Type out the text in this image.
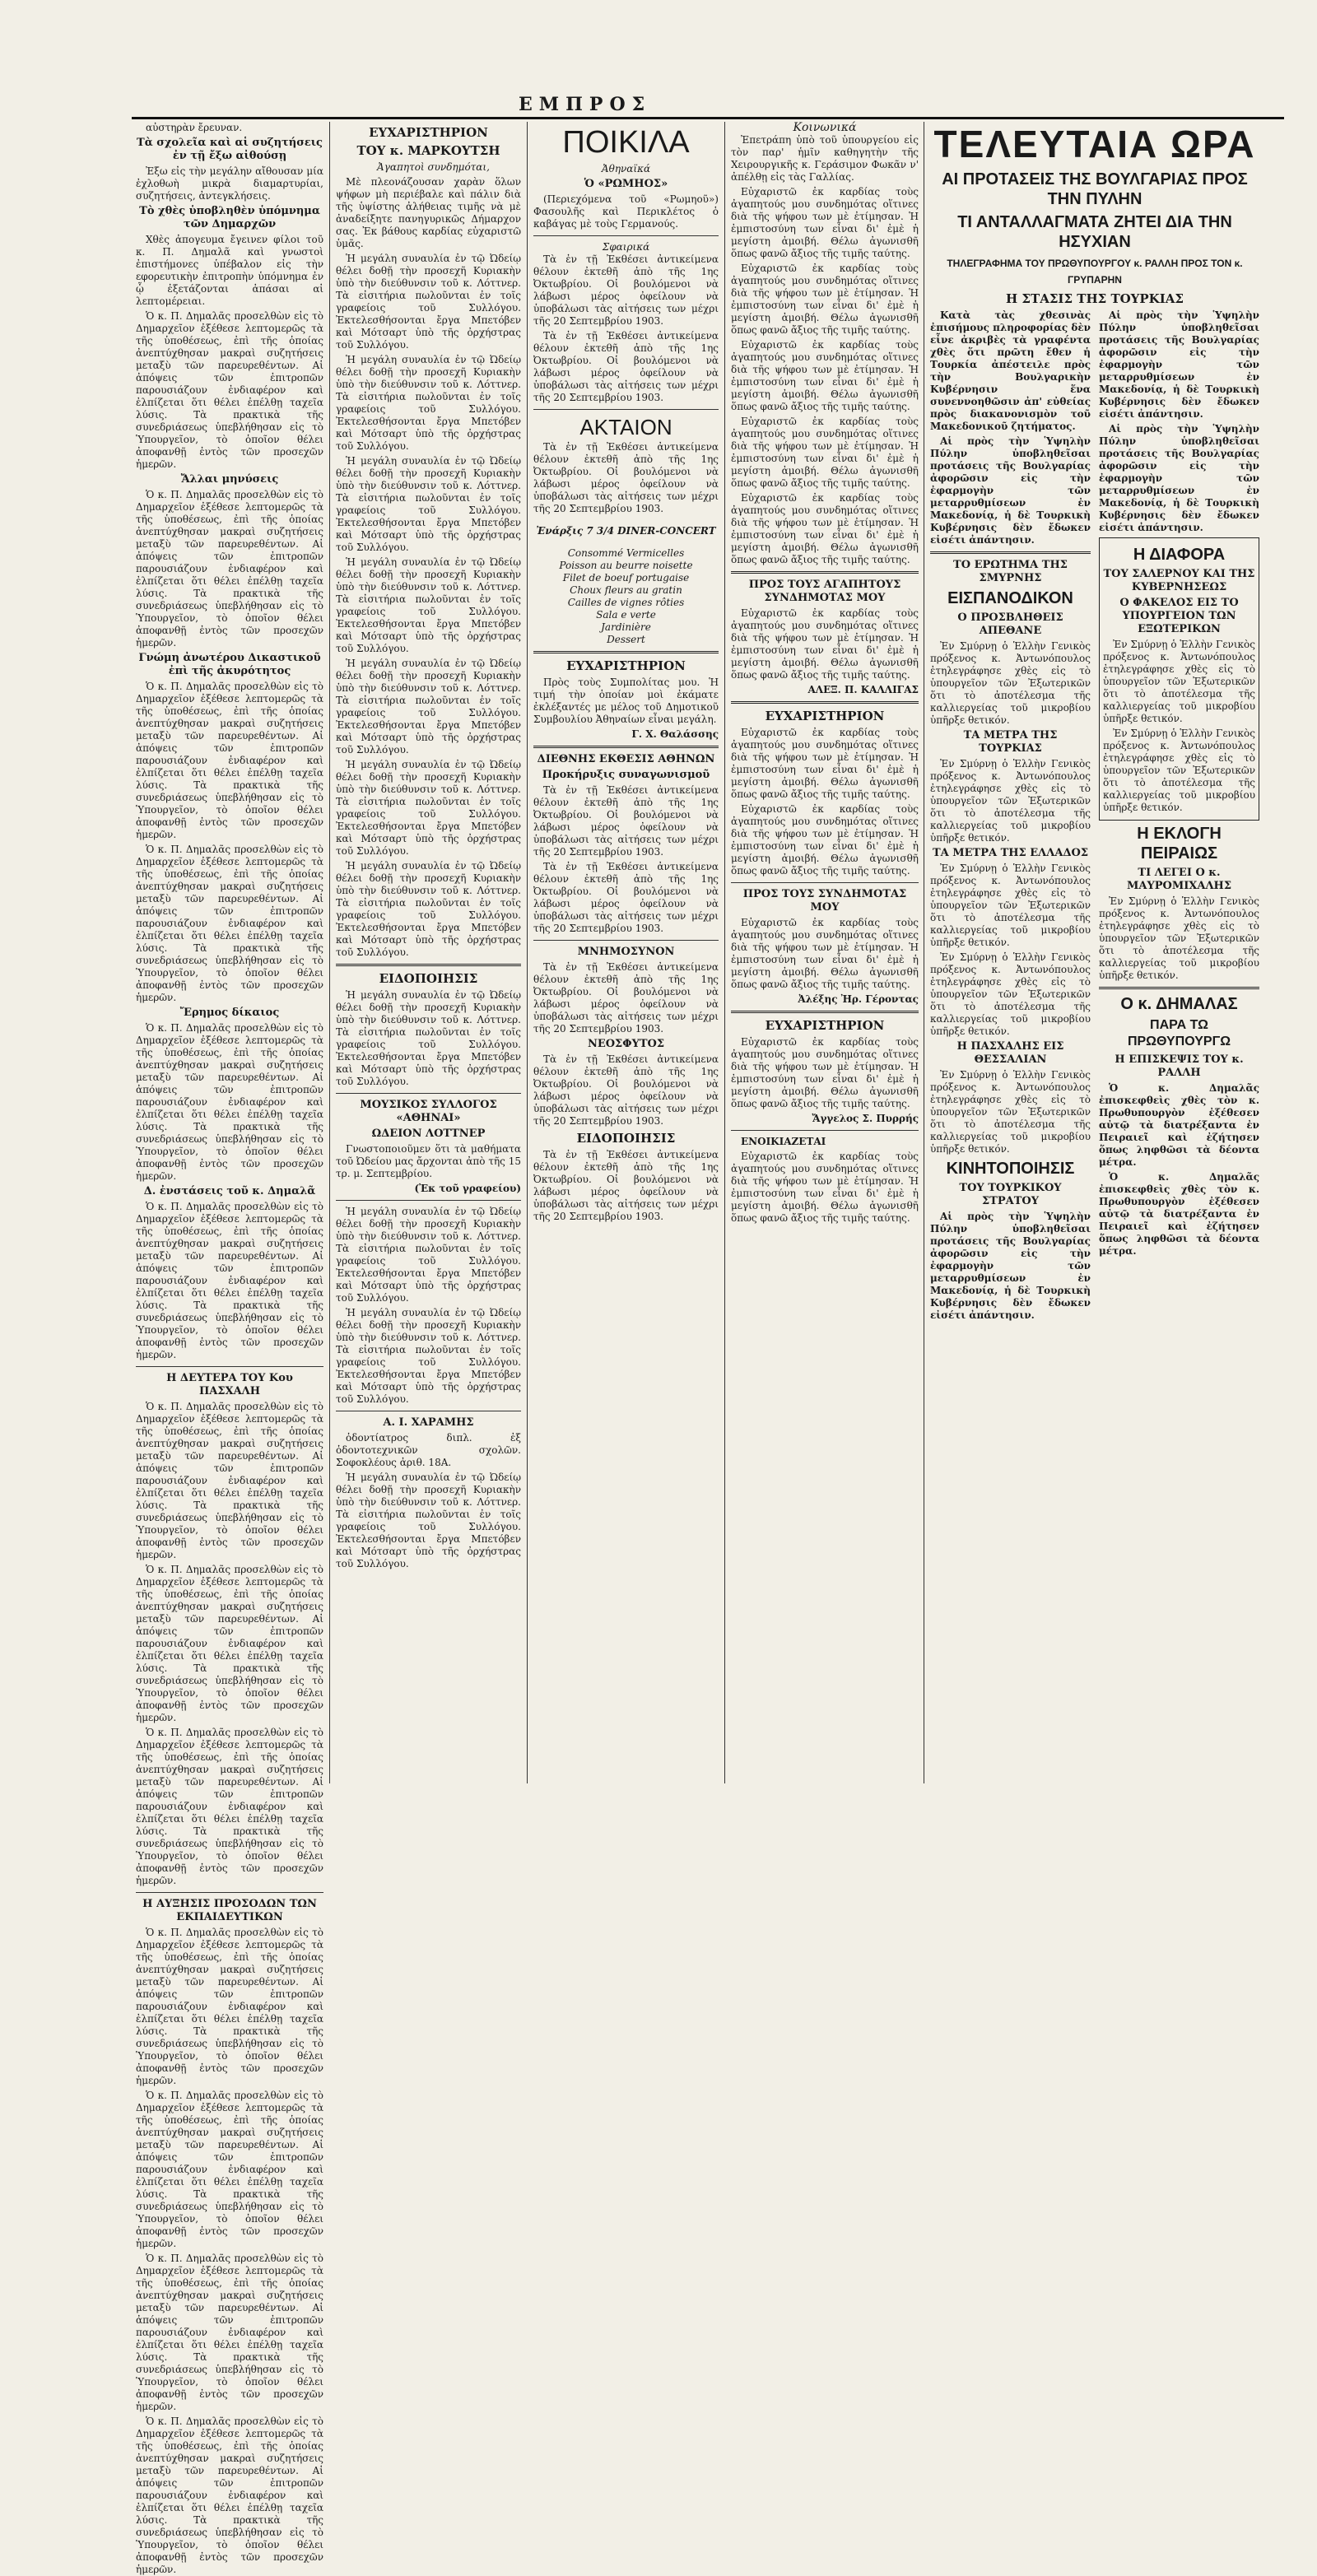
ΕΜΠΡΟΣ

αὐστηρὰν ἔρευναν.

Τὰ σχολεῖα καὶ αἱ συζητήσεις ἐν τῇ ἔξω αἰθούσῃ

Ἐξω εἰς τὴν μεγάλην αἴθουσαν μία ἐχλοθωὴ μικρὰ διαμαρτυρίαι, συζητήσεις, ἀντεγκλήσεις.

Τὸ χθὲς ὑποβληθὲν ὑπόμνημα τῶν Δημαρχῶν

Χθὲς ἀπογευμα ἔγεινεν φίλοι τοῦ κ. Π. Δημαλᾶ καὶ γνωστοὶ ἐπιστήμονες ὑπέβαλον εἰς τὴν εφορευτικὴν ἐπιτροπὴν ὑπόμνημα ἐν ᾧ ἐξετάζονται ἁπάσαι αἱ λεπτομέρειαι.

Ὁ κ. Π. Δημαλᾶς προσελθὼν εἰς τὸ Δημαρχεῖον ἐξέθεσε λεπτομερῶς τὰ τῆς ὑποθέσεως, ἐπὶ τῆς ὁποίας ἀνεπτύχθησαν μακραὶ συζητήσεις μεταξὺ τῶν παρευρεθέντων. Αἱ ἀπόψεις τῶν ἐπιτροπῶν παρουσιάζουν ἐνδιαφέρον καὶ ἐλπίζεται ὅτι θέλει ἐπέλθῃ ταχεῖα λύσις. Τὰ πρακτικὰ τῆς συνεδριάσεως ὑπεβλήθησαν εἰς τὸ Ὑπουργεῖον, τὸ ὁποῖον θέλει ἀποφανθῇ ἐντὸς τῶν προσεχῶν ἡμερῶν.

Ἄλλαι μηνύσεις

Ὁ κ. Π. Δημαλᾶς προσελθὼν εἰς τὸ Δημαρχεῖον ἐξέθεσε λεπτομερῶς τὰ τῆς ὑποθέσεως, ἐπὶ τῆς ὁποίας ἀνεπτύχθησαν μακραὶ συζητήσεις μεταξὺ τῶν παρευρεθέντων. Αἱ ἀπόψεις τῶν ἐπιτροπῶν παρουσιάζουν ἐνδιαφέρον καὶ ἐλπίζεται ὅτι θέλει ἐπέλθῃ ταχεῖα λύσις. Τὰ πρακτικὰ τῆς συνεδριάσεως ὑπεβλήθησαν εἰς τὸ Ὑπουργεῖον, τὸ ὁποῖον θέλει ἀποφανθῇ ἐντὸς τῶν προσεχῶν ἡμερῶν.

Γνώμη ἀνωτέρου Δικαστικοῦ ἐπὶ τῆς ἀκυρότητος

Ὁ κ. Π. Δημαλᾶς προσελθὼν εἰς τὸ Δημαρχεῖον ἐξέθεσε λεπτομερῶς τὰ τῆς ὑποθέσεως, ἐπὶ τῆς ὁποίας ἀνεπτύχθησαν μακραὶ συζητήσεις μεταξὺ τῶν παρευρεθέντων. Αἱ ἀπόψεις τῶν ἐπιτροπῶν παρουσιάζουν ἐνδιαφέρον καὶ ἐλπίζεται ὅτι θέλει ἐπέλθῃ ταχεῖα λύσις. Τὰ πρακτικὰ τῆς συνεδριάσεως ὑπεβλήθησαν εἰς τὸ Ὑπουργεῖον, τὸ ὁποῖον θέλει ἀποφανθῇ ἐντὸς τῶν προσεχῶν ἡμερῶν.

Ὁ κ. Π. Δημαλᾶς προσελθὼν εἰς τὸ Δημαρχεῖον ἐξέθεσε λεπτομερῶς τὰ τῆς ὑποθέσεως, ἐπὶ τῆς ὁποίας ἀνεπτύχθησαν μακραὶ συζητήσεις μεταξὺ τῶν παρευρεθέντων. Αἱ ἀπόψεις τῶν ἐπιτροπῶν παρουσιάζουν ἐνδιαφέρον καὶ ἐλπίζεται ὅτι θέλει ἐπέλθῃ ταχεῖα λύσις. Τὰ πρακτικὰ τῆς συνεδριάσεως ὑπεβλήθησαν εἰς τὸ Ὑπουργεῖον, τὸ ὁποῖον θέλει ἀποφανθῇ ἐντὸς τῶν προσεχῶν ἡμερῶν.

Ἔρημος δίκαιος

Ὁ κ. Π. Δημαλᾶς προσελθὼν εἰς τὸ Δημαρχεῖον ἐξέθεσε λεπτομερῶς τὰ τῆς ὑποθέσεως, ἐπὶ τῆς ὁποίας ἀνεπτύχθησαν μακραὶ συζητήσεις μεταξὺ τῶν παρευρεθέντων. Αἱ ἀπόψεις τῶν ἐπιτροπῶν παρουσιάζουν ἐνδιαφέρον καὶ ἐλπίζεται ὅτι θέλει ἐπέλθῃ ταχεῖα λύσις. Τὰ πρακτικὰ τῆς συνεδριάσεως ὑπεβλήθησαν εἰς τὸ Ὑπουργεῖον, τὸ ὁποῖον θέλει ἀποφανθῇ ἐντὸς τῶν προσεχῶν ἡμερῶν.

Δ. ἐνστάσεις τοῦ κ. Δημαλᾶ

Ὁ κ. Π. Δημαλᾶς προσελθὼν εἰς τὸ Δημαρχεῖον ἐξέθεσε λεπτομερῶς τὰ τῆς ὑποθέσεως, ἐπὶ τῆς ὁποίας ἀνεπτύχθησαν μακραὶ συζητήσεις μεταξὺ τῶν παρευρεθέντων. Αἱ ἀπόψεις τῶν ἐπιτροπῶν παρουσιάζουν ἐνδιαφέρον καὶ ἐλπίζεται ὅτι θέλει ἐπέλθῃ ταχεῖα λύσις. Τὰ πρακτικὰ τῆς συνεδριάσεως ὑπεβλήθησαν εἰς τὸ Ὑπουργεῖον, τὸ ὁποῖον θέλει ἀποφανθῇ ἐντὸς τῶν προσεχῶν ἡμερῶν.

Η ΔΕΥΤΕΡΑ ΤΟΥ Κου ΠΑΣΧΑΛΗ

Ὁ κ. Π. Δημαλᾶς προσελθὼν εἰς τὸ Δημαρχεῖον ἐξέθεσε λεπτομερῶς τὰ τῆς ὑποθέσεως, ἐπὶ τῆς ὁποίας ἀνεπτύχθησαν μακραὶ συζητήσεις μεταξὺ τῶν παρευρεθέντων. Αἱ ἀπόψεις τῶν ἐπιτροπῶν παρουσιάζουν ἐνδιαφέρον καὶ ἐλπίζεται ὅτι θέλει ἐπέλθῃ ταχεῖα λύσις. Τὰ πρακτικὰ τῆς συνεδριάσεως ὑπεβλήθησαν εἰς τὸ Ὑπουργεῖον, τὸ ὁποῖον θέλει ἀποφανθῇ ἐντὸς τῶν προσεχῶν ἡμερῶν.

Ὁ κ. Π. Δημαλᾶς προσελθὼν εἰς τὸ Δημαρχεῖον ἐξέθεσε λεπτομερῶς τὰ τῆς ὑποθέσεως, ἐπὶ τῆς ὁποίας ἀνεπτύχθησαν μακραὶ συζητήσεις μεταξὺ τῶν παρευρεθέντων. Αἱ ἀπόψεις τῶν ἐπιτροπῶν παρουσιάζουν ἐνδιαφέρον καὶ ἐλπίζεται ὅτι θέλει ἐπέλθῃ ταχεῖα λύσις. Τὰ πρακτικὰ τῆς συνεδριάσεως ὑπεβλήθησαν εἰς τὸ Ὑπουργεῖον, τὸ ὁποῖον θέλει ἀποφανθῇ ἐντὸς τῶν προσεχῶν ἡμερῶν.

Ὁ κ. Π. Δημαλᾶς προσελθὼν εἰς τὸ Δημαρχεῖον ἐξέθεσε λεπτομερῶς τὰ τῆς ὑποθέσεως, ἐπὶ τῆς ὁποίας ἀνεπτύχθησαν μακραὶ συζητήσεις μεταξὺ τῶν παρευρεθέντων. Αἱ ἀπόψεις τῶν ἐπιτροπῶν παρουσιάζουν ἐνδιαφέρον καὶ ἐλπίζεται ὅτι θέλει ἐπέλθῃ ταχεῖα λύσις. Τὰ πρακτικὰ τῆς συνεδριάσεως ὑπεβλήθησαν εἰς τὸ Ὑπουργεῖον, τὸ ὁποῖον θέλει ἀποφανθῇ ἐντὸς τῶν προσεχῶν ἡμερῶν.

Η ΑΥΞΗΣΙΣ ΠΡΟΣΟΔΩΝ ΤΩΝ ΕΚΠΑΙΔΕΥΤΙΚΩΝ

Ὁ κ. Π. Δημαλᾶς προσελθὼν εἰς τὸ Δημαρχεῖον ἐξέθεσε λεπτομερῶς τὰ τῆς ὑποθέσεως, ἐπὶ τῆς ὁποίας ἀνεπτύχθησαν μακραὶ συζητήσεις μεταξὺ τῶν παρευρεθέντων. Αἱ ἀπόψεις τῶν ἐπιτροπῶν παρουσιάζουν ἐνδιαφέρον καὶ ἐλπίζεται ὅτι θέλει ἐπέλθῃ ταχεῖα λύσις. Τὰ πρακτικὰ τῆς συνεδριάσεως ὑπεβλήθησαν εἰς τὸ Ὑπουργεῖον, τὸ ὁποῖον θέλει ἀποφανθῇ ἐντὸς τῶν προσεχῶν ἡμερῶν.

Ὁ κ. Π. Δημαλᾶς προσελθὼν εἰς τὸ Δημαρχεῖον ἐξέθεσε λεπτομερῶς τὰ τῆς ὑποθέσεως, ἐπὶ τῆς ὁποίας ἀνεπτύχθησαν μακραὶ συζητήσεις μεταξὺ τῶν παρευρεθέντων. Αἱ ἀπόψεις τῶν ἐπιτροπῶν παρουσιάζουν ἐνδιαφέρον καὶ ἐλπίζεται ὅτι θέλει ἐπέλθῃ ταχεῖα λύσις. Τὰ πρακτικὰ τῆς συνεδριάσεως ὑπεβλήθησαν εἰς τὸ Ὑπουργεῖον, τὸ ὁποῖον θέλει ἀποφανθῇ ἐντὸς τῶν προσεχῶν ἡμερῶν.

Ὁ κ. Π. Δημαλᾶς προσελθὼν εἰς τὸ Δημαρχεῖον ἐξέθεσε λεπτομερῶς τὰ τῆς ὑποθέσεως, ἐπὶ τῆς ὁποίας ἀνεπτύχθησαν μακραὶ συζητήσεις μεταξὺ τῶν παρευρεθέντων. Αἱ ἀπόψεις τῶν ἐπιτροπῶν παρουσιάζουν ἐνδιαφέρον καὶ ἐλπίζεται ὅτι θέλει ἐπέλθῃ ταχεῖα λύσις. Τὰ πρακτικὰ τῆς συνεδριάσεως ὑπεβλήθησαν εἰς τὸ Ὑπουργεῖον, τὸ ὁποῖον θέλει ἀποφανθῇ ἐντὸς τῶν προσεχῶν ἡμερῶν.

Ὁ κ. Π. Δημαλᾶς προσελθὼν εἰς τὸ Δημαρχεῖον ἐξέθεσε λεπτομερῶς τὰ τῆς ὑποθέσεως, ἐπὶ τῆς ὁποίας ἀνεπτύχθησαν μακραὶ συζητήσεις μεταξὺ τῶν παρευρεθέντων. Αἱ ἀπόψεις τῶν ἐπιτροπῶν παρουσιάζουν ἐνδιαφέρον καὶ ἐλπίζεται ὅτι θέλει ἐπέλθῃ ταχεῖα λύσις. Τὰ πρακτικὰ τῆς συνεδριάσεως ὑπεβλήθησαν εἰς τὸ Ὑπουργεῖον, τὸ ὁποῖον θέλει ἀποφανθῇ ἐντὸς τῶν προσεχῶν ἡμερῶν.

ΕΥΧΑΡΙΣΤΗΡΙΟΝ
ΤΟΥ κ. ΜΑΡΚΟΥΤΣΗ

Ἀγαπητοὶ συνδημόται,

Μὲ πλεονάζουσαν χαρὰν ὅλων ψήφων μὴ περιέβαλε καὶ πάλιν διὰ τῆς ὑψίστης ἀλήθειας τιμῆς νὰ μὲ ἀναδείξητε πανηγυρικῶς Δήμαρχον σας. Ἐκ βάθους καρδίας εὐχαριστῶ ὑμᾶς.

Ἡ μεγάλη συναυλία ἐν τῷ Ὠδείῳ θέλει δοθῇ τὴν προσεχῆ Κυριακὴν ὑπὸ τὴν διεύθυνσιν τοῦ κ. Λόττνερ. Τὰ εἰσιτήρια πωλοῦνται ἐν τοῖς γραφείοις τοῦ Συλλόγου. Ἐκτελεσθήσονται ἔργα Μπετόβεν καὶ Μότσαρτ ὑπὸ τῆς ὀρχήστρας τοῦ Συλλόγου.

Ἡ μεγάλη συναυλία ἐν τῷ Ὠδείῳ θέλει δοθῇ τὴν προσεχῆ Κυριακὴν ὑπὸ τὴν διεύθυνσιν τοῦ κ. Λόττνερ. Τὰ εἰσιτήρια πωλοῦνται ἐν τοῖς γραφείοις τοῦ Συλλόγου. Ἐκτελεσθήσονται ἔργα Μπετόβεν καὶ Μότσαρτ ὑπὸ τῆς ὀρχήστρας τοῦ Συλλόγου.

Ἡ μεγάλη συναυλία ἐν τῷ Ὠδείῳ θέλει δοθῇ τὴν προσεχῆ Κυριακὴν ὑπὸ τὴν διεύθυνσιν τοῦ κ. Λόττνερ. Τὰ εἰσιτήρια πωλοῦνται ἐν τοῖς γραφείοις τοῦ Συλλόγου. Ἐκτελεσθήσονται ἔργα Μπετόβεν καὶ Μότσαρτ ὑπὸ τῆς ὀρχήστρας τοῦ Συλλόγου.

Ἡ μεγάλη συναυλία ἐν τῷ Ὠδείῳ θέλει δοθῇ τὴν προσεχῆ Κυριακὴν ὑπὸ τὴν διεύθυνσιν τοῦ κ. Λόττνερ. Τὰ εἰσιτήρια πωλοῦνται ἐν τοῖς γραφείοις τοῦ Συλλόγου. Ἐκτελεσθήσονται ἔργα Μπετόβεν καὶ Μότσαρτ ὑπὸ τῆς ὀρχήστρας τοῦ Συλλόγου.

Ἡ μεγάλη συναυλία ἐν τῷ Ὠδείῳ θέλει δοθῇ τὴν προσεχῆ Κυριακὴν ὑπὸ τὴν διεύθυνσιν τοῦ κ. Λόττνερ. Τὰ εἰσιτήρια πωλοῦνται ἐν τοῖς γραφείοις τοῦ Συλλόγου. Ἐκτελεσθήσονται ἔργα Μπετόβεν καὶ Μότσαρτ ὑπὸ τῆς ὀρχήστρας τοῦ Συλλόγου.

Ἡ μεγάλη συναυλία ἐν τῷ Ὠδείῳ θέλει δοθῇ τὴν προσεχῆ Κυριακὴν ὑπὸ τὴν διεύθυνσιν τοῦ κ. Λόττνερ. Τὰ εἰσιτήρια πωλοῦνται ἐν τοῖς γραφείοις τοῦ Συλλόγου. Ἐκτελεσθήσονται ἔργα Μπετόβεν καὶ Μότσαρτ ὑπὸ τῆς ὀρχήστρας τοῦ Συλλόγου.

Ἡ μεγάλη συναυλία ἐν τῷ Ὠδείῳ θέλει δοθῇ τὴν προσεχῆ Κυριακὴν ὑπὸ τὴν διεύθυνσιν τοῦ κ. Λόττνερ. Τὰ εἰσιτήρια πωλοῦνται ἐν τοῖς γραφείοις τοῦ Συλλόγου. Ἐκτελεσθήσονται ἔργα Μπετόβεν καὶ Μότσαρτ ὑπὸ τῆς ὀρχήστρας τοῦ Συλλόγου.

ΕΙΔΟΠΟΙΗΣΙΣ

Ἡ μεγάλη συναυλία ἐν τῷ Ὠδείῳ θέλει δοθῇ τὴν προσεχῆ Κυριακὴν ὑπὸ τὴν διεύθυνσιν τοῦ κ. Λόττνερ. Τὰ εἰσιτήρια πωλοῦνται ἐν τοῖς γραφείοις τοῦ Συλλόγου. Ἐκτελεσθήσονται ἔργα Μπετόβεν καὶ Μότσαρτ ὑπὸ τῆς ὀρχήστρας τοῦ Συλλόγου.

ΜΟΥΣΙΚΟΣ ΣΥΛΛΟΓΟΣ «ΑΘΗΝΑΙ»
ΩΔΕΙΟΝ ΛΟΤΤΝΕΡ

Γνωστοποιοῦμεν ὅτι τὰ μαθήματα τοῦ Ὠδείου μας ἄρχονται ἀπὸ τῆς 15 τρ. μ. Σεπτεμβρίου.

(Ἐκ τοῦ γραφείου)

Ἡ μεγάλη συναυλία ἐν τῷ Ὠδείῳ θέλει δοθῇ τὴν προσεχῆ Κυριακὴν ὑπὸ τὴν διεύθυνσιν τοῦ κ. Λόττνερ. Τὰ εἰσιτήρια πωλοῦνται ἐν τοῖς γραφείοις τοῦ Συλλόγου. Ἐκτελεσθήσονται ἔργα Μπετόβεν καὶ Μότσαρτ ὑπὸ τῆς ὀρχήστρας τοῦ Συλλόγου.

Ἡ μεγάλη συναυλία ἐν τῷ Ὠδείῳ θέλει δοθῇ τὴν προσεχῆ Κυριακὴν ὑπὸ τὴν διεύθυνσιν τοῦ κ. Λόττνερ. Τὰ εἰσιτήρια πωλοῦνται ἐν τοῖς γραφείοις τοῦ Συλλόγου. Ἐκτελεσθήσονται ἔργα Μπετόβεν καὶ Μότσαρτ ὑπὸ τῆς ὀρχήστρας τοῦ Συλλόγου.

Α. Ι. ΧΑΡΑΜΗΣ

ὁδοντίατρος διπλ. ἐξ ὁδοντοτεχνικῶν σχολῶν. Σοφοκλέους ἀριθ. 18Α.

Ἡ μεγάλη συναυλία ἐν τῷ Ὠδείῳ θέλει δοθῇ τὴν προσεχῆ Κυριακὴν ὑπὸ τὴν διεύθυνσιν τοῦ κ. Λόττνερ. Τὰ εἰσιτήρια πωλοῦνται ἐν τοῖς γραφείοις τοῦ Συλλόγου. Ἐκτελεσθήσονται ἔργα Μπετόβεν καὶ Μότσαρτ ὑπὸ τῆς ὀρχήστρας τοῦ Συλλόγου.

ΠΟΙΚΙΛΑ
Ἀθηναϊκά
Ὁ «ΡΩΜΗΟΣ»

(Περιεχόμενα τοῦ «Ρωμηοῦ») Φασουλῆς καὶ Περικλέτος ὁ καβάγας μὲ τοὺς Γερμανούς.

Σφαιρικά

Τὰ ἐν τῇ Ἐκθέσει ἀντικείμενα θέλουν ἐκτεθῆ ἀπὸ τῆς 1ης Ὀκτωβρίου. Οἱ βουλόμενοι νὰ λάβωσι μέρος ὀφείλουν νὰ ὑποβάλωσι τὰς αἰτήσεις των μέχρι τῆς 20 Σεπτεμβρίου 1903.

Τὰ ἐν τῇ Ἐκθέσει ἀντικείμενα θέλουν ἐκτεθῆ ἀπὸ τῆς 1ης Ὀκτωβρίου. Οἱ βουλόμενοι νὰ λάβωσι μέρος ὀφείλουν νὰ ὑποβάλωσι τὰς αἰτήσεις των μέχρι τῆς 20 Σεπτεμβρίου 1903.

ΑΚΤΑΙΟΝ

Τὰ ἐν τῇ Ἐκθέσει ἀντικείμενα θέλουν ἐκτεθῆ ἀπὸ τῆς 1ης Ὀκτωβρίου. Οἱ βουλόμενοι νὰ λάβωσι μέρος ὀφείλουν νὰ ὑποβάλωσι τὰς αἰτήσεις των μέχρι τῆς 20 Σεπτεμβρίου 1903.

Ἐνάρξις 7 3/4 DINER-CONCERT

Consommé Vermicelles
Poisson au beurre noisette
Filet de boeuf portugaise
Choux fleurs au gratin
Cailles de vignes rôties
Sala e verte
Jardinière
Dessert
ΕΥΧΑΡΙΣΤΗΡΙΟΝ

Πρὸς τοὺς Συμπολίτας μου. Ἡ τιμή τὴν ὁποίαν μοὶ ἐκάματε ἐκλέξαντές με μέλος τοῦ Δημοτικοῦ Συμβουλίου Ἀθηναίων εἶναι μεγάλη.

Γ. Χ. Θαλάσσης

ΔΙΕΘΝΗΣ ΕΚΘΕΣΙΣ ΑΘΗΝΩΝ
Προκήρυξις συναγωνισμοῦ

Τὰ ἐν τῇ Ἐκθέσει ἀντικείμενα θέλουν ἐκτεθῆ ἀπὸ τῆς 1ης Ὀκτωβρίου. Οἱ βουλόμενοι νὰ λάβωσι μέρος ὀφείλουν νὰ ὑποβάλωσι τὰς αἰτήσεις των μέχρι τῆς 20 Σεπτεμβρίου 1903.

Τὰ ἐν τῇ Ἐκθέσει ἀντικείμενα θέλουν ἐκτεθῆ ἀπὸ τῆς 1ης Ὀκτωβρίου. Οἱ βουλόμενοι νὰ λάβωσι μέρος ὀφείλουν νὰ ὑποβάλωσι τὰς αἰτήσεις των μέχρι τῆς 20 Σεπτεμβρίου 1903.

ΜΝΗΜΟΣΥΝΟΝ

Τὰ ἐν τῇ Ἐκθέσει ἀντικείμενα θέλουν ἐκτεθῆ ἀπὸ τῆς 1ης Ὀκτωβρίου. Οἱ βουλόμενοι νὰ λάβωσι μέρος ὀφείλουν νὰ ὑποβάλωσι τὰς αἰτήσεις των μέχρι τῆς 20 Σεπτεμβρίου 1903.

ΝΕΟΣΦΥΤΟΣ

Τὰ ἐν τῇ Ἐκθέσει ἀντικείμενα θέλουν ἐκτεθῆ ἀπὸ τῆς 1ης Ὀκτωβρίου. Οἱ βουλόμενοι νὰ λάβωσι μέρος ὀφείλουν νὰ ὑποβάλωσι τὰς αἰτήσεις των μέχρι τῆς 20 Σεπτεμβρίου 1903.

ΕΙΔΟΠΟΙΗΣΙΣ

Τὰ ἐν τῇ Ἐκθέσει ἀντικείμενα θέλουν ἐκτεθῆ ἀπὸ τῆς 1ης Ὀκτωβρίου. Οἱ βουλόμενοι νὰ λάβωσι μέρος ὀφείλουν νὰ ὑποβάλωσι τὰς αἰτήσεις των μέχρι τῆς 20 Σεπτεμβρίου 1903.

Κοινωνικά

Ἐπετράπη ὑπὸ τοῦ ὑπουργείου εἰς τὸν παρ' ἡμῖν καθηγητὴν τῆς Χειρουργικῆς κ. Γεράσιμον Φωκᾶν ν' ἀπέλθῃ εἰς τὰς Γαλλίας.

Εὐχαριστῶ ἐκ καρδίας τοὺς ἀγαπητούς μου συνδημότας οἵτινες διὰ τῆς ψήφου των μὲ ἐτίμησαν. Ἡ ἐμπιστοσύνη των εἶναι δι' ἐμὲ ἡ μεγίστη ἀμοιβή. Θέλω ἀγωνισθῆ ὅπως φανῶ ἄξιος τῆς τιμῆς ταύτης.

Εὐχαριστῶ ἐκ καρδίας τοὺς ἀγαπητούς μου συνδημότας οἵτινες διὰ τῆς ψήφου των μὲ ἐτίμησαν. Ἡ ἐμπιστοσύνη των εἶναι δι' ἐμὲ ἡ μεγίστη ἀμοιβή. Θέλω ἀγωνισθῆ ὅπως φανῶ ἄξιος τῆς τιμῆς ταύτης.

Εὐχαριστῶ ἐκ καρδίας τοὺς ἀγαπητούς μου συνδημότας οἵτινες διὰ τῆς ψήφου των μὲ ἐτίμησαν. Ἡ ἐμπιστοσύνη των εἶναι δι' ἐμὲ ἡ μεγίστη ἀμοιβή. Θέλω ἀγωνισθῆ ὅπως φανῶ ἄξιος τῆς τιμῆς ταύτης.

Εὐχαριστῶ ἐκ καρδίας τοὺς ἀγαπητούς μου συνδημότας οἵτινες διὰ τῆς ψήφου των μὲ ἐτίμησαν. Ἡ ἐμπιστοσύνη των εἶναι δι' ἐμὲ ἡ μεγίστη ἀμοιβή. Θέλω ἀγωνισθῆ ὅπως φανῶ ἄξιος τῆς τιμῆς ταύτης.

Εὐχαριστῶ ἐκ καρδίας τοὺς ἀγαπητούς μου συνδημότας οἵτινες διὰ τῆς ψήφου των μὲ ἐτίμησαν. Ἡ ἐμπιστοσύνη των εἶναι δι' ἐμὲ ἡ μεγίστη ἀμοιβή. Θέλω ἀγωνισθῆ ὅπως φανῶ ἄξιος τῆς τιμῆς ταύτης.

ΠΡΟΣ ΤΟΥΣ ΑΓΑΠΗΤΟΥΣ ΣΥΝΔΗΜΟΤΑΣ ΜΟΥ

Εὐχαριστῶ ἐκ καρδίας τοὺς ἀγαπητούς μου συνδημότας οἵτινες διὰ τῆς ψήφου των μὲ ἐτίμησαν. Ἡ ἐμπιστοσύνη των εἶναι δι' ἐμὲ ἡ μεγίστη ἀμοιβή. Θέλω ἀγωνισθῆ ὅπως φανῶ ἄξιος τῆς τιμῆς ταύτης.

ΑΛΕΞ. Π. ΚΑΛΛΙΓΑΣ

ΕΥΧΑΡΙΣΤΗΡΙΟΝ

Εὐχαριστῶ ἐκ καρδίας τοὺς ἀγαπητούς μου συνδημότας οἵτινες διὰ τῆς ψήφου των μὲ ἐτίμησαν. Ἡ ἐμπιστοσύνη των εἶναι δι' ἐμὲ ἡ μεγίστη ἀμοιβή. Θέλω ἀγωνισθῆ ὅπως φανῶ ἄξιος τῆς τιμῆς ταύτης.

Εὐχαριστῶ ἐκ καρδίας τοὺς ἀγαπητούς μου συνδημότας οἵτινες διὰ τῆς ψήφου των μὲ ἐτίμησαν. Ἡ ἐμπιστοσύνη των εἶναι δι' ἐμὲ ἡ μεγίστη ἀμοιβή. Θέλω ἀγωνισθῆ ὅπως φανῶ ἄξιος τῆς τιμῆς ταύτης.

ΠΡΟΣ ΤΟΥΣ ΣΥΝΔΗΜΟΤΑΣ ΜΟΥ

Εὐχαριστῶ ἐκ καρδίας τοὺς ἀγαπητούς μου συνδημότας οἵτινες διὰ τῆς ψήφου των μὲ ἐτίμησαν. Ἡ ἐμπιστοσύνη των εἶναι δι' ἐμὲ ἡ μεγίστη ἀμοιβή. Θέλω ἀγωνισθῆ ὅπως φανῶ ἄξιος τῆς τιμῆς ταύτης.

Ἀλέξης Ἠρ. Γέροντας

ΕΥΧΑΡΙΣΤΗΡΙΟΝ

Εὐχαριστῶ ἐκ καρδίας τοὺς ἀγαπητούς μου συνδημότας οἵτινες διὰ τῆς ψήφου των μὲ ἐτίμησαν. Ἡ ἐμπιστοσύνη των εἶναι δι' ἐμὲ ἡ μεγίστη ἀμοιβή. Θέλω ἀγωνισθῆ ὅπως φανῶ ἄξιος τῆς τιμῆς ταύτης.

Ἄγγελος Σ. Πυρρής

ΕΝΟΙΚΙΑΖΕΤΑΙ

Εὐχαριστῶ ἐκ καρδίας τοὺς ἀγαπητούς μου συνδημότας οἵτινες διὰ τῆς ψήφου των μὲ ἐτίμησαν. Ἡ ἐμπιστοσύνη των εἶναι δι' ἐμὲ ἡ μεγίστη ἀμοιβή. Θέλω ἀγωνισθῆ ὅπως φανῶ ἄξιος τῆς τιμῆς ταύτης.

ΤΕΛΕΥΤΑΙΑ ΩΡΑ
ΑΙ ΠΡΟΤΑΣΕΙΣ ΤΗΣ ΒΟΥΛΓΑΡΙΑΣ ΠΡΟΣ ΤΗΝ ΠΥΛΗΝ
ΤΙ ΑΝΤΑΛΛΑΓΜΑΤΑ ΖΗΤΕΙ ΔΙΑ ΤΗΝ ΗΣΥΧΙΑΝ
ΤΗΛΕΓΡΑΦΗΜΑ ΤΟΥ ΠΡΩΘΥΠΟΥΡΓΟΥ κ. ΡΑΛΛΗ ΠΡΟΣ ΤΟΝ κ. ΓΡΥΠΑΡΗΝ
Η ΣΤΑΣΙΣ ΤΗΣ ΤΟΥΡΚΙΑΣ

Κατὰ τὰς χθεσινὰς ἐπισήμους πληροφορίας δὲν εἶνε ἀκριβὲς τὰ γραφέντα χθὲς ὅτι πρῶτη ἔθεν ἡ Τουρκία ἀπέστειλε πρὸς τὴν Βουλγαρικὴν Κυβέρνησιν ἕνα συνεννοηθῶσιν ἀπ' εὐθείας πρὸς διακανονισμὸν τοῦ Μακεδονικοῦ ζητήματος.

Αἱ πρὸς τὴν Ὑψηλὴν Πύλην ὑποβληθεῖσαι προτάσεις τῆς Βουλγαρίας ἀφορῶσιν εἰς τὴν ἐφαρμογὴν τῶν μεταρρυθμίσεων ἐν Μακεδονίᾳ, ἡ δὲ Τουρκικὴ Κυβέρνησις δὲν ἔδωκεν εἰσέτι ἀπάντησιν.

ΤΟ ΕΡΩΤΗΜΑ ΤΗΣ ΣΜΥΡΝΗΣ
ΕΙΣΠΑΝΟΔΙΚΟΝ
Ο ΠΡΟΣΒΛΗΘΕΙΣ ΑΠΕΘΑΝΕ

Ἐν Σμύρνῃ ὁ Ἑλλὴν Γενικὸς πρόξενος κ. Ἀντωνόπουλος ἐτηλεγράφησε χθὲς εἰς τὸ ὑπουργεῖον τῶν Ἐξωτερικῶν ὅτι τὸ ἀποτέλεσμα τῆς καλλιεργείας τοῦ μικροβίου ὑπῆρξε θετικόν.

ΤΑ ΜΕΤΡΑ ΤΗΣ ΤΟΥΡΚΙΑΣ

Ἐν Σμύρνῃ ὁ Ἑλλὴν Γενικὸς πρόξενος κ. Ἀντωνόπουλος ἐτηλεγράφησε χθὲς εἰς τὸ ὑπουργεῖον τῶν Ἐξωτερικῶν ὅτι τὸ ἀποτέλεσμα τῆς καλλιεργείας τοῦ μικροβίου ὑπῆρξε θετικόν.

ΤΑ ΜΕΤΡΑ ΤΗΣ ΕΛΛΑΔΟΣ

Ἐν Σμύρνῃ ὁ Ἑλλὴν Γενικὸς πρόξενος κ. Ἀντωνόπουλος ἐτηλεγράφησε χθὲς εἰς τὸ ὑπουργεῖον τῶν Ἐξωτερικῶν ὅτι τὸ ἀποτέλεσμα τῆς καλλιεργείας τοῦ μικροβίου ὑπῆρξε θετικόν.

Ἐν Σμύρνῃ ὁ Ἑλλὴν Γενικὸς πρόξενος κ. Ἀντωνόπουλος ἐτηλεγράφησε χθὲς εἰς τὸ ὑπουργεῖον τῶν Ἐξωτερικῶν ὅτι τὸ ἀποτέλεσμα τῆς καλλιεργείας τοῦ μικροβίου ὑπῆρξε θετικόν.

Η ΠΑΣΧΑΛΗΣ ΕΙΣ ΘΕΣΣΑΛΙΑΝ

Ἐν Σμύρνῃ ὁ Ἑλλὴν Γενικὸς πρόξενος κ. Ἀντωνόπουλος ἐτηλεγράφησε χθὲς εἰς τὸ ὑπουργεῖον τῶν Ἐξωτερικῶν ὅτι τὸ ἀποτέλεσμα τῆς καλλιεργείας τοῦ μικροβίου ὑπῆρξε θετικόν.

ΚΙΝΗΤΟΠΟΙΗΣΙΣ
ΤΟΥ ΤΟΥΡΚΙΚΟΥ ΣΤΡΑΤΟΥ

Αἱ πρὸς τὴν Ὑψηλὴν Πύλην ὑποβληθεῖσαι προτάσεις τῆς Βουλγαρίας ἀφορῶσιν εἰς τὴν ἐφαρμογὴν τῶν μεταρρυθμίσεων ἐν Μακεδονίᾳ, ἡ δὲ Τουρκικὴ Κυβέρνησις δὲν ἔδωκεν εἰσέτι ἀπάντησιν.

Αἱ πρὸς τὴν Ὑψηλὴν Πύλην ὑποβληθεῖσαι προτάσεις τῆς Βουλγαρίας ἀφορῶσιν εἰς τὴν ἐφαρμογὴν τῶν μεταρρυθμίσεων ἐν Μακεδονίᾳ, ἡ δὲ Τουρκικὴ Κυβέρνησις δὲν ἔδωκεν εἰσέτι ἀπάντησιν.

Αἱ πρὸς τὴν Ὑψηλὴν Πύλην ὑποβληθεῖσαι προτάσεις τῆς Βουλγαρίας ἀφορῶσιν εἰς τὴν ἐφαρμογὴν τῶν μεταρρυθμίσεων ἐν Μακεδονίᾳ, ἡ δὲ Τουρκικὴ Κυβέρνησις δὲν ἔδωκεν εἰσέτι ἀπάντησιν.

Η ΔΙΑΦΟΡΑ
ΤΟΥ ΣΑΛΕΡΝΟΥ ΚΑΙ ΤΗΣ ΚΥΒΕΡΝΗΣΕΩΣ
Ο ΦΑΚΕΛΟΣ ΕΙΣ ΤΟ ΥΠΟΥΡΓΕΙΟΝ ΤΩΝ ΕΞΩΤΕΡΙΚΩΝ

Ἐν Σμύρνῃ ὁ Ἑλλὴν Γενικὸς πρόξενος κ. Ἀντωνόπουλος ἐτηλεγράφησε χθὲς εἰς τὸ ὑπουργεῖον τῶν Ἐξωτερικῶν ὅτι τὸ ἀποτέλεσμα τῆς καλλιεργείας τοῦ μικροβίου ὑπῆρξε θετικόν.

Ἐν Σμύρνῃ ὁ Ἑλλὴν Γενικὸς πρόξενος κ. Ἀντωνόπουλος ἐτηλεγράφησε χθὲς εἰς τὸ ὑπουργεῖον τῶν Ἐξωτερικῶν ὅτι τὸ ἀποτέλεσμα τῆς καλλιεργείας τοῦ μικροβίου ὑπῆρξε θετικόν.

Η ΕΚΛΟΓΗ ΠΕΙΡΑΙΩΣ
ΤΙ ΛΕΓΕΙ Ο κ. ΜΑΥΡΟΜΙΧΑΛΗΣ

Ἐν Σμύρνῃ ὁ Ἑλλὴν Γενικὸς πρόξενος κ. Ἀντωνόπουλος ἐτηλεγράφησε χθὲς εἰς τὸ ὑπουργεῖον τῶν Ἐξωτερικῶν ὅτι τὸ ἀποτέλεσμα τῆς καλλιεργείας τοῦ μικροβίου ὑπῆρξε θετικόν.

Ο κ. ΔΗΜΑΛΑΣ
ΠΑΡΑ ΤΩ ΠΡΩΘΥΠΟΥΡΓΩ
Η ΕΠΙΣΚΕΨΙΣ ΤΟΥ κ. ΡΑΛΛΗ

Ὁ κ. Δημαλᾶς ἐπισκεφθεὶς χθὲς τὸν κ. Πρωθυπουργὸν ἐξέθεσεν αὐτῷ τὰ διατρέξαντα ἐν Πειραιεῖ καὶ ἐζήτησεν ὅπως ληφθῶσι τὰ δέοντα μέτρα.

Ὁ κ. Δημαλᾶς ἐπισκεφθεὶς χθὲς τὸν κ. Πρωθυπουργὸν ἐξέθεσεν αὐτῷ τὰ διατρέξαντα ἐν Πειραιεῖ καὶ ἐζήτησεν ὅπως ληφθῶσι τὰ δέοντα μέτρα.
